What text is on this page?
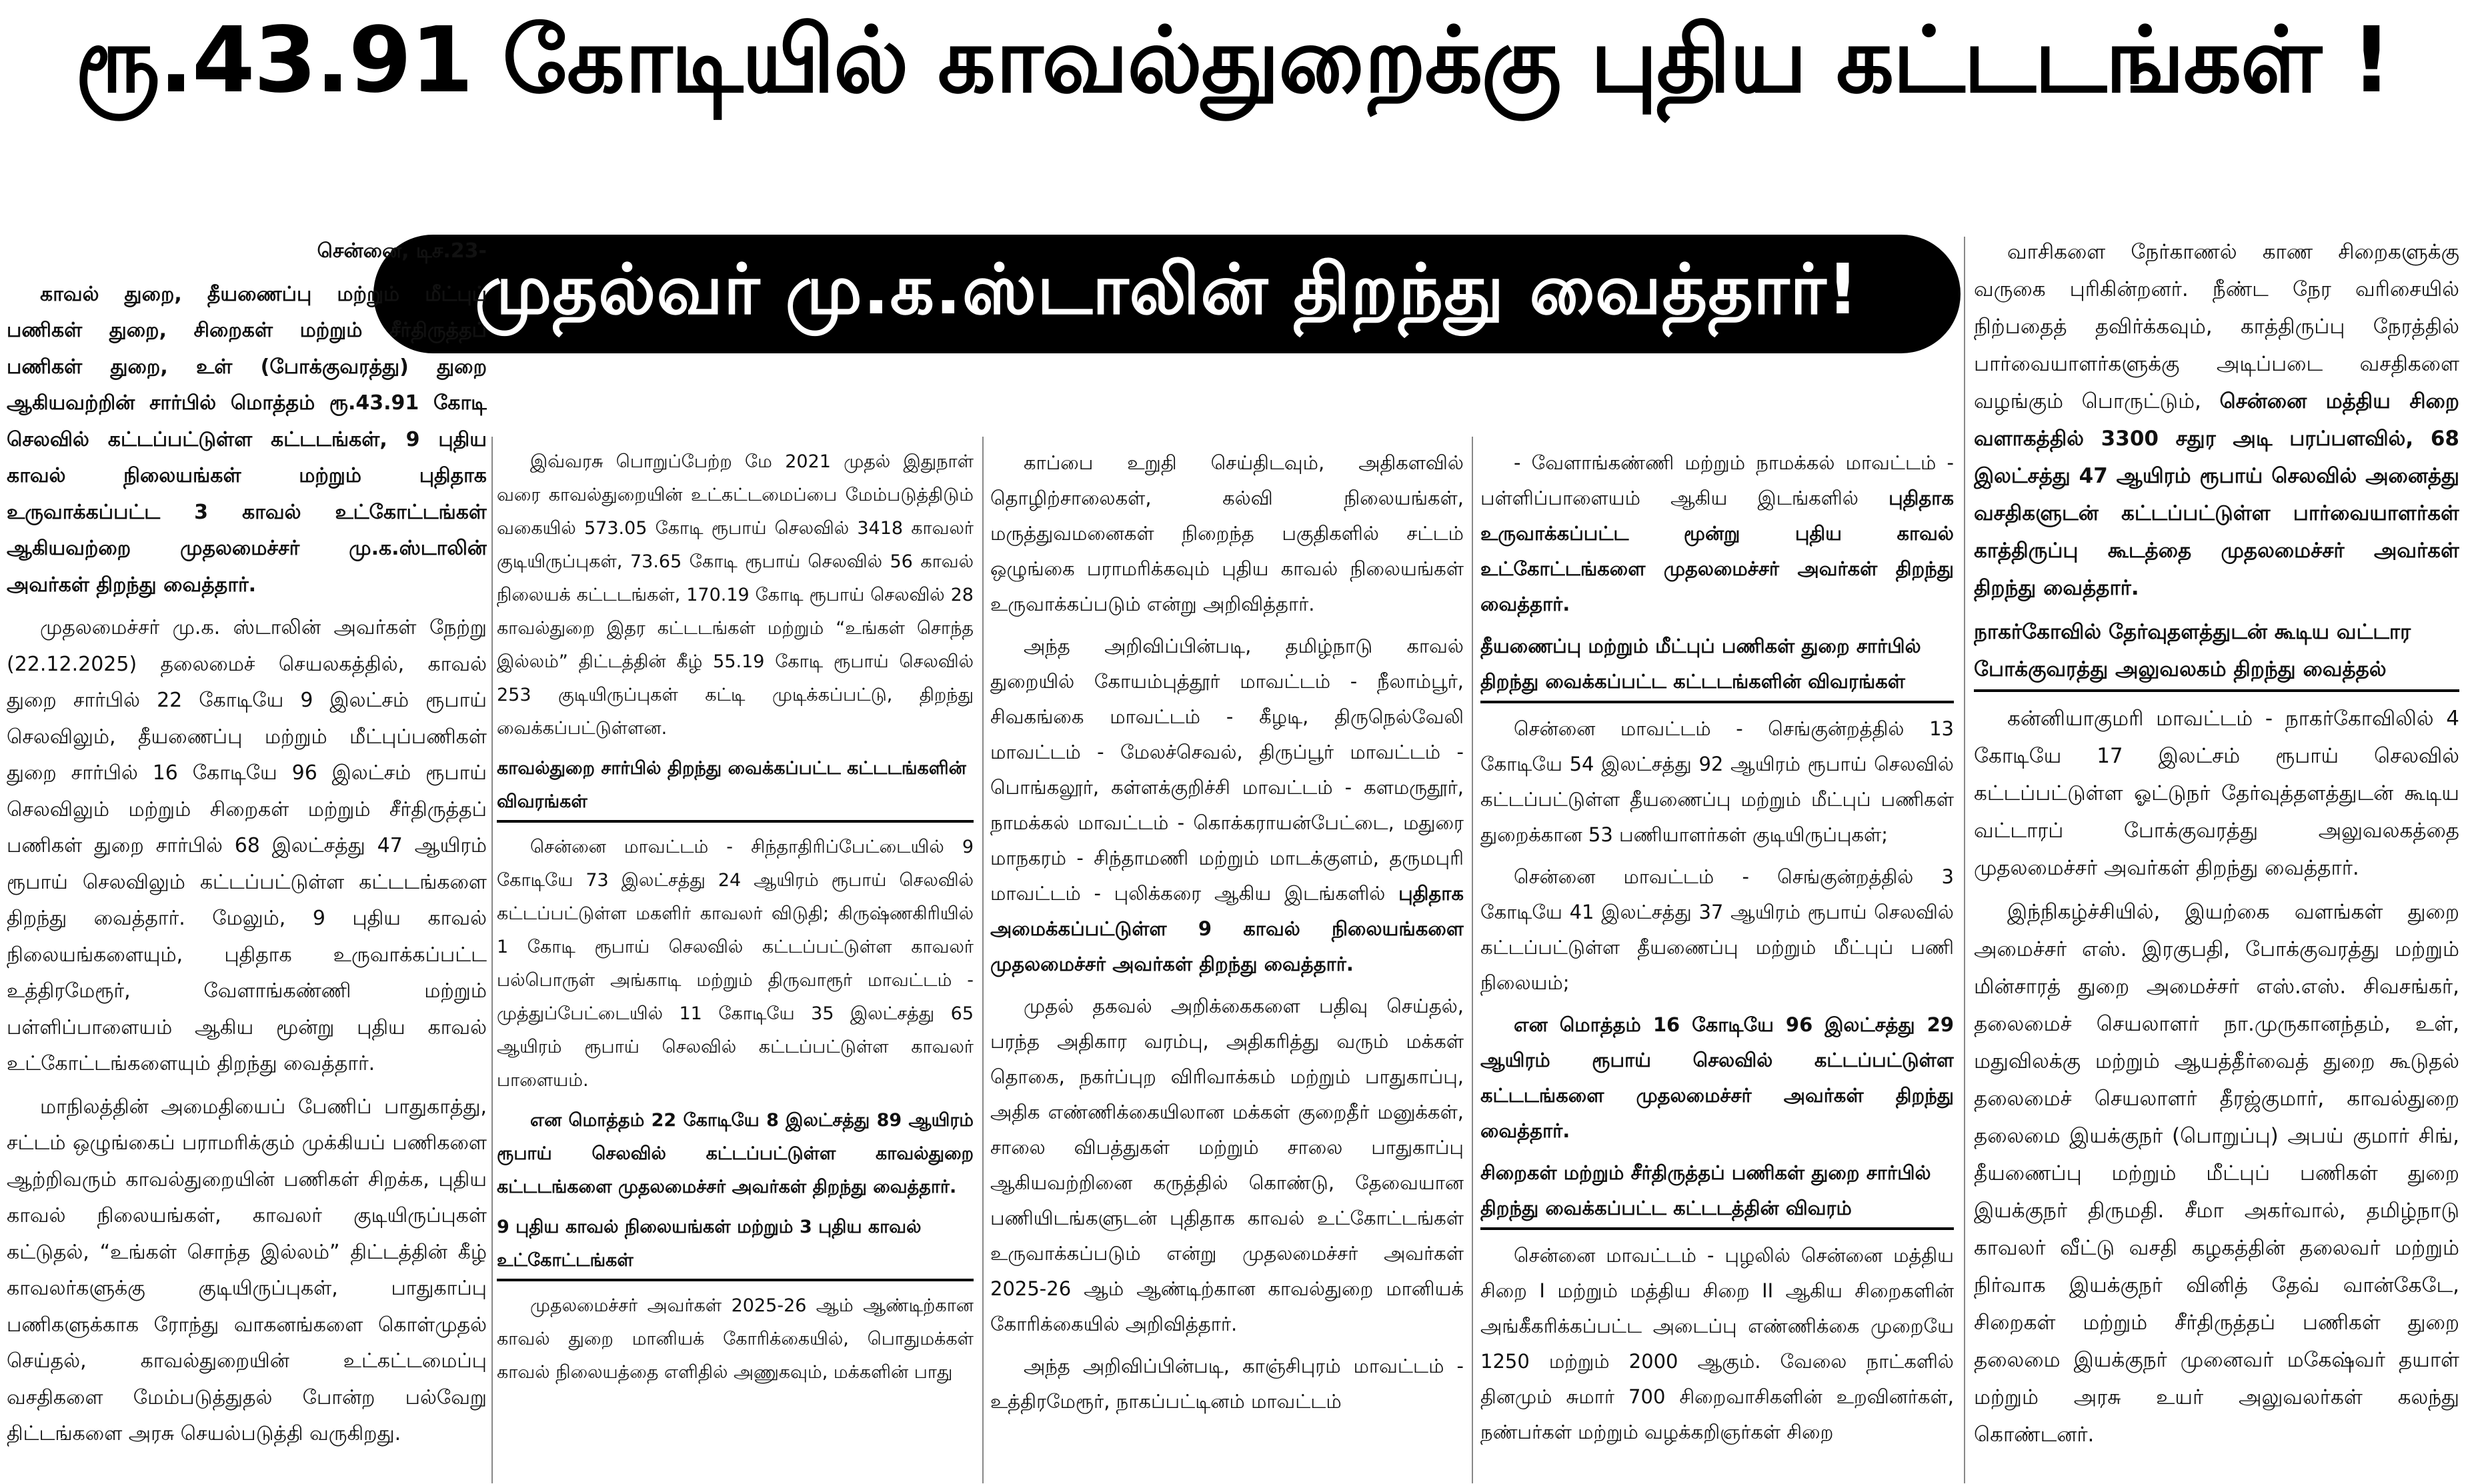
ரூ.43.91 கோடியில் காவல்துறைக்கு புதிய கட்டடங்கள் !
முதல்வர் மு.க.ஸ்டாலின் திறந்து வைத்தார்!

சென்னை, டிச.23-

காவல் துறை, தீயணைப்பு மற்றும் மீட்புப் பணிகள் துறை, சிறைகள் மற்றும் சீர்திருத்தப் பணிகள் துறை, உள் (போக்குவரத்து) துறை ஆகியவற்றின் சார்பில் மொத்தம் ரூ.43.91 கோடி செலவில் கட்டப்பட்டுள்ள கட்டடங்கள், 9 புதிய காவல் நிலையங்கள் மற்றும் புதிதாக உருவாக்கப்பட்ட 3 காவல் உட்கோட்டங்கள் ஆகியவற்றை முதலமைச்சர் மு.க.ஸ்டாலின் அவர்கள் திறந்து வைத்தார்.

முதலமைச்சர் மு.க. ஸ்டாலின் அவர்கள் நேற்று (22.12.2025) தலைமைச் செயலகத்தில், காவல் துறை சார்பில் 22 கோடியே 9 இலட்சம் ரூபாய் செலவிலும், தீயணைப்பு மற்றும் மீட்புப்பணிகள் துறை சார்பில் 16 கோடியே 96 இலட்சம் ரூபாய் செலவிலும் மற்றும் சிறைகள் மற்றும் சீர்திருத்தப் பணிகள் துறை சார்பில் 68 இலட்சத்து 47 ஆயிரம் ரூபாய் செலவிலும் கட்டப்பட்டுள்ள கட்டடங்களை திறந்து வைத்தார். மேலும், 9 புதிய காவல் நிலையங்களையும், புதிதாக உருவாக்கப்பட்ட உத்திரமேரூர், வேளாங்கண்ணி மற்றும் பள்ளிப்பாளையம் ஆகிய மூன்று புதிய காவல் உட்கோட்டங்களையும் திறந்து வைத்தார்.

மாநிலத்தின் அமைதியைப் பேணிப் பாதுகாத்து, சட்டம் ஒழுங்கைப் பராமரிக்கும் முக்கியப் பணிகளை ஆற்றிவரும் காவல்துறையின் பணிகள் சிறக்க, புதிய காவல் நிலையங்கள், காவலர் குடியிருப்புகள் கட்டுதல், “உங்கள் சொந்த இல்லம்” திட்டத்தின் கீழ் காவலர்களுக்கு குடியிருப்புகள், பாதுகாப்பு பணிகளுக்காக ரோந்து வாகனங்களை கொள்முதல் செய்தல், காவல்துறையின் உட்கட்டமைப்பு வசதிகளை மேம்படுத்துதல் போன்ற பல்வேறு திட்டங்களை அரசு செயல்படுத்தி வருகிறது.

இவ்வரசு பொறுப்பேற்ற மே 2021 முதல் இதுநாள் வரை காவல்துறையின் உட்கட்டமைப்பை மேம்படுத்திடும் வகையில் 573.05 கோடி ரூபாய் செலவில் 3418 காவலர் குடியிருப்புகள், 73.65 கோடி ரூபாய் செலவில் 56 காவல் நிலையக் கட்டடங்கள், 170.19 கோடி ரூபாய் செலவில் 28 காவல்துறை இதர கட்டடங்கள் மற்றும் “உங்கள் சொந்த இல்லம்” திட்டத்தின் கீழ் 55.19 கோடி ரூபாய் செலவில் 253 குடியிருப்புகள் கட்டி முடிக்கப்பட்டு, திறந்து வைக்கப்பட்டுள்ளன.

காவல்துறை சார்பில் திறந்து வைக்கப்பட்ட கட்டடங்களின் விவரங்கள்

சென்னை மாவட்டம் - சிந்தாதிரிப்பேட்டையில் 9 கோடியே 73 இலட்சத்து 24 ஆயிரம் ரூபாய் செலவில் கட்டப்பட்டுள்ள மகளிர் காவலர் விடுதி; கிருஷ்ணகிரியில் 1 கோடி ரூபாய் செலவில் கட்டப்பட்டுள்ள காவலர் பல்பொருள் அங்காடி மற்றும் திருவாரூர் மாவட்டம் - முத்துப்பேட்டையில் 11 கோடியே 35 இலட்சத்து 65 ஆயிரம் ரூபாய் செலவில் கட்டப்பட்டுள்ள காவலர் பாளையம்.

என மொத்தம் 22 கோடியே 8 இலட்சத்து 89 ஆயிரம் ரூபாய் செலவில் கட்டப்பட்டுள்ள காவல்துறை கட்டடங்களை முதலமைச்சர் அவர்கள் திறந்து வைத்தார்.

9 புதிய காவல் நிலையங்கள் மற்றும் 3 புதிய காவல் உட்கோட்டங்கள்

முதலமைச்சர் அவர்கள் 2025-26 ஆம் ஆண்டிற்கான காவல் துறை மானியக் கோரிக்கையில், பொதுமக்கள் காவல் நிலையத்தை எளிதில் அணுகவும், மக்களின் பாது

காப்பை உறுதி செய்திடவும், அதிகளவில் தொழிற்சாலைகள், கல்வி நிலையங்கள், மருத்துவமனைகள் நிறைந்த பகுதிகளில் சட்டம் ஒழுங்கை பராமரிக்கவும் புதிய காவல் நிலையங்கள் உருவாக்கப்படும் என்று அறிவித்தார்.

அந்த அறிவிப்பின்படி, தமிழ்நாடு காவல் துறையில் கோயம்புத்தூர் மாவட்டம் - நீலாம்பூர், சிவகங்கை மாவட்டம் - கீழடி, திருநெல்வேலி மாவட்டம் - மேலச்செவல், திருப்பூர் மாவட்டம் - பொங்கலூர், கள்ளக்குறிச்சி மாவட்டம் - களமருதூர், நாமக்கல் மாவட்டம் - கொக்கராயன்பேட்டை, மதுரை மாநகரம் - சிந்தாமணி மற்றும் மாடக்குளம், தருமபுரி மாவட்டம் - புலிக்கரை ஆகிய இடங்களில் புதிதாக அமைக்கப்பட்டுள்ள 9 காவல் நிலையங்களை முதலமைச்சர் அவர்கள் திறந்து வைத்தார்.

முதல் தகவல் அறிக்கைகளை பதிவு செய்தல், பரந்த அதிகார வரம்பு, அதிகரித்து வரும் மக்கள் தொகை, நகர்ப்புற விரிவாக்கம் மற்றும் பாதுகாப்பு, அதிக எண்ணிக்கையிலான மக்கள் குறைதீர் மனுக்கள், சாலை விபத்துகள் மற்றும் சாலை பாதுகாப்பு ஆகியவற்றினை கருத்தில் கொண்டு, தேவையான பணியிடங்களுடன் புதிதாக காவல் உட்கோட்டங்கள் உருவாக்கப்படும் என்று முதலமைச்சர் அவர்கள் 2025-26 ஆம் ஆண்டிற்கான காவல்துறை மானியக் கோரிக்கையில் அறிவித்தார்.

அந்த அறிவிப்பின்படி, காஞ்சிபுரம் மாவட்டம் - உத்திரமேரூர், நாகப்பட்டினம் மாவட்டம்

- வேளாங்கண்ணி மற்றும் நாமக்கல் மாவட்டம் - பள்ளிப்பாளையம் ஆகிய இடங்களில் புதிதாக உருவாக்கப்பட்ட மூன்று புதிய காவல் உட்கோட்டங்களை முதலமைச்சர் அவர்கள் திறந்து வைத்தார்.

தீயணைப்பு மற்றும் மீட்புப் பணிகள் துறை சார்பில் திறந்து வைக்கப்பட்ட கட்டடங்களின் விவரங்கள்

சென்னை மாவட்டம் - செங்குன்றத்தில் 13 கோடியே 54 இலட்சத்து 92 ஆயிரம் ரூபாய் செலவில் கட்டப்பட்டுள்ள தீயணைப்பு மற்றும் மீட்புப் பணிகள் துறைக்கான 53 பணியாளர்கள் குடியிருப்புகள்;

சென்னை மாவட்டம் - செங்குன்றத்தில் 3 கோடியே 41 இலட்சத்து 37 ஆயிரம் ரூபாய் செலவில் கட்டப்பட்டுள்ள தீயணைப்பு மற்றும் மீட்புப் பணி நிலையம்;

என மொத்தம் 16 கோடியே 96 இலட்சத்து 29 ஆயிரம் ரூபாய் செலவில் கட்டப்பட்டுள்ள கட்டடங்களை முதலமைச்சர் அவர்கள் திறந்து வைத்தார்.

சிறைகள் மற்றும் சீர்திருத்தப் பணிகள் துறை சார்பில் திறந்து வைக்கப்பட்ட கட்டடத்தின் விவரம்

சென்னை மாவட்டம் - புழலில் சென்னை மத்திய சிறை I மற்றும் மத்திய சிறை II ஆகிய சிறைகளின் அங்கீகரிக்கப்பட்ட அடைப்பு எண்ணிக்கை முறையே 1250 மற்றும் 2000 ஆகும். வேலை நாட்களில் தினமும் சுமார் 700 சிறைவாசிகளின் உறவினர்கள், நண்பர்கள் மற்றும் வழக்கறிஞர்கள் சிறை

வாசிகளை நேர்காணல் காண சிறைகளுக்கு வருகை புரிகின்றனர். நீண்ட நேர வரிசையில் நிற்பதைத் தவிர்க்கவும், காத்திருப்பு நேரத்தில் பார்வையாளர்களுக்கு அடிப்படை வசதிகளை வழங்கும் பொருட்டும், சென்னை மத்திய சிறை வளாகத்தில் 3300 சதுர அடி பரப்பளவில், 68 இலட்சத்து 47 ஆயிரம் ரூபாய் செலவில் அனைத்து வசதிகளுடன் கட்டப்பட்டுள்ள பார்வையாளர்கள் காத்திருப்பு கூடத்தை முதலமைச்சர் அவர்கள் திறந்து வைத்தார்.

நாகர்கோவில் தேர்வுதளத்துடன் கூடிய வட்டார போக்குவரத்து அலுவலகம் திறந்து வைத்தல்

கன்னியாகுமரி மாவட்டம் - நாகர்கோவிலில் 4 கோடியே 17 இலட்சம் ரூபாய் செலவில் கட்டப்பட்டுள்ள ஓட்டுநர் தேர்வுத்தளத்துடன் கூடிய வட்டாரப் போக்குவரத்து அலுவலகத்தை முதலமைச்சர் அவர்கள் திறந்து வைத்தார்.

இந்நிகழ்ச்சியில், இயற்கை வளங்கள் துறை அமைச்சர் எஸ். இரகுபதி, போக்குவரத்து மற்றும் மின்சாரத் துறை அமைச்சர் எஸ்.எஸ். சிவசங்கர், தலைமைச் செயலாளர் நா.முருகானந்தம், உள், மதுவிலக்கு மற்றும் ஆயத்தீர்வைத் துறை கூடுதல் தலைமைச் செயலாளர் தீரஜ்குமார், காவல்துறை தலைமை இயக்குநர் (பொறுப்பு) அபய் குமார் சிங், தீயணைப்பு மற்றும் மீட்புப் பணிகள் துறை இயக்குநர் திருமதி. சீமா அகர்வால், தமிழ்நாடு காவலர் வீட்டு வசதி கழகத்தின் தலைவர் மற்றும் நிர்வாக இயக்குநர் வினித் தேவ் வான்கேடே, சிறைகள் மற்றும் சீர்திருத்தப் பணிகள் துறை தலைமை இயக்குநர் முனைவர் மகேஷ்வர் தயாள் மற்றும் அரசு உயர் அலுவலர்கள் கலந்து கொண்டனர்.
